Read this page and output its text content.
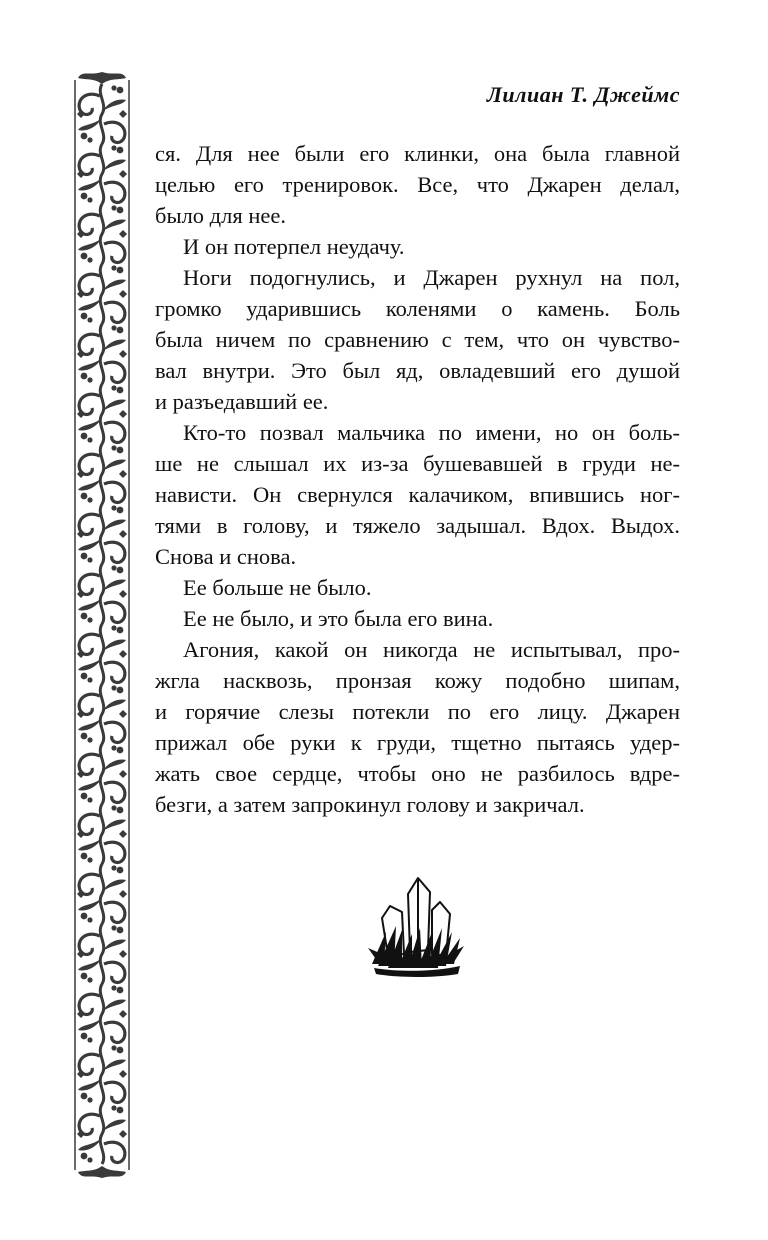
Лилиан Т. Джеймс
ся. Для нее были его клинки, она была главной
целью его тренировок. Все, что Джарен делал,
было для нее.
И он потерпел неудачу.
Ноги подогнулись, и Джарен рухнул на пол,
громко ударившись коленями о камень. Боль
была ничем по сравнению с тем, что он чувство-
вал внутри. Это был яд, овладевший его душой
и разъедавший ее.
Кто-то позвал мальчика по имени, но он боль-
ше не слышал их из-за бушевавшей в груди не-
нависти. Он свернулся калачиком, впившись ног-
тями в голову, и тяжело задышал. Вдох. Выдох.
Снова и снова.
Ее больше не было.
Ее не было, и это была его вина.
Агония, какой он никогда не испытывал, про-
жгла насквозь, пронзая кожу подобно шипам,
и горячие слезы потекли по его лицу. Джарен
прижал обе руки к груди, тщетно пытаясь удер-
жать свое сердце, чтобы оно не разбилось вдре-
безги, а затем запрокинул голову и закричал.
